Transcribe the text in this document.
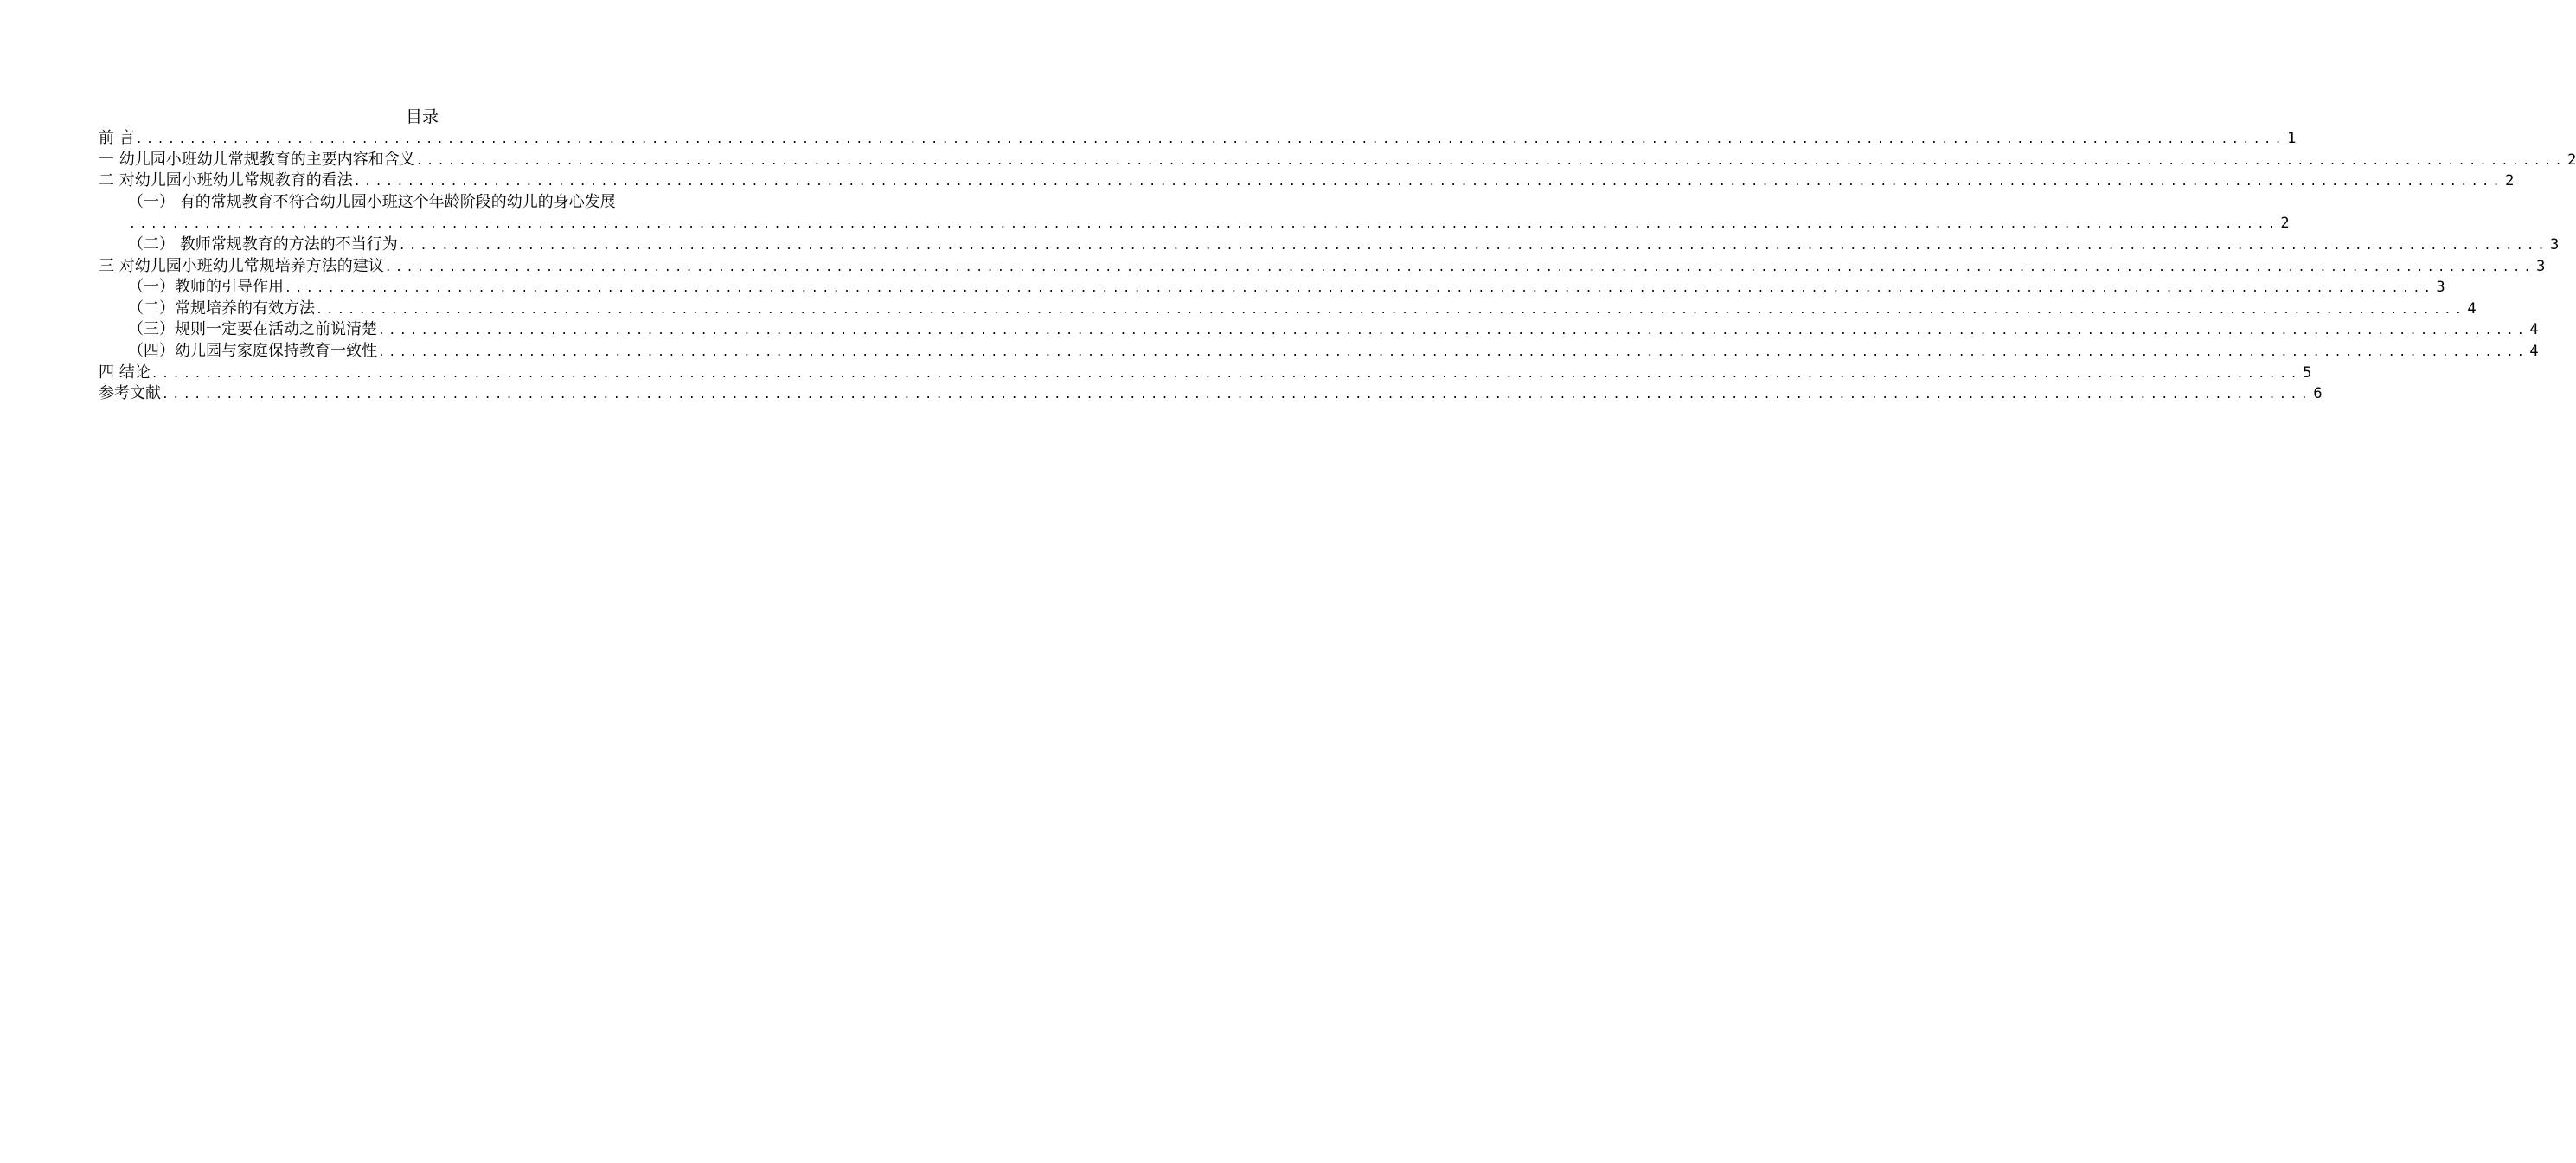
目录
前 言 ........................................................................................................................................................................................................ 1
一 幼儿园小班幼儿常规教育的主要内容和含义 ........................................................................................................................................................................................................ 2
二 对幼儿园小班幼儿常规教育的看法 ........................................................................................................................................................................................................ 2
（一） 有的常规教育不符合幼儿园小班这个年龄阶段的幼儿的身心发展
........................................................................................................................................................................................................ 2
（二） 教师常规教育的方法的不当行为 ........................................................................................................................................................................................................ 3
三 对幼儿园小班幼儿常规培养方法的建议 ........................................................................................................................................................................................................ 3
（一）教师的引导作用 ........................................................................................................................................................................................................ 3
（二）常规培养的有效方法 ........................................................................................................................................................................................................ 4
（三）规则一定要在活动之前说清楚 ........................................................................................................................................................................................................ 4
（四）幼儿园与家庭保持教育一致性 ........................................................................................................................................................................................................ 4
四 结论 ........................................................................................................................................................................................................ 5
参考文献 ........................................................................................................................................................................................................ 6
